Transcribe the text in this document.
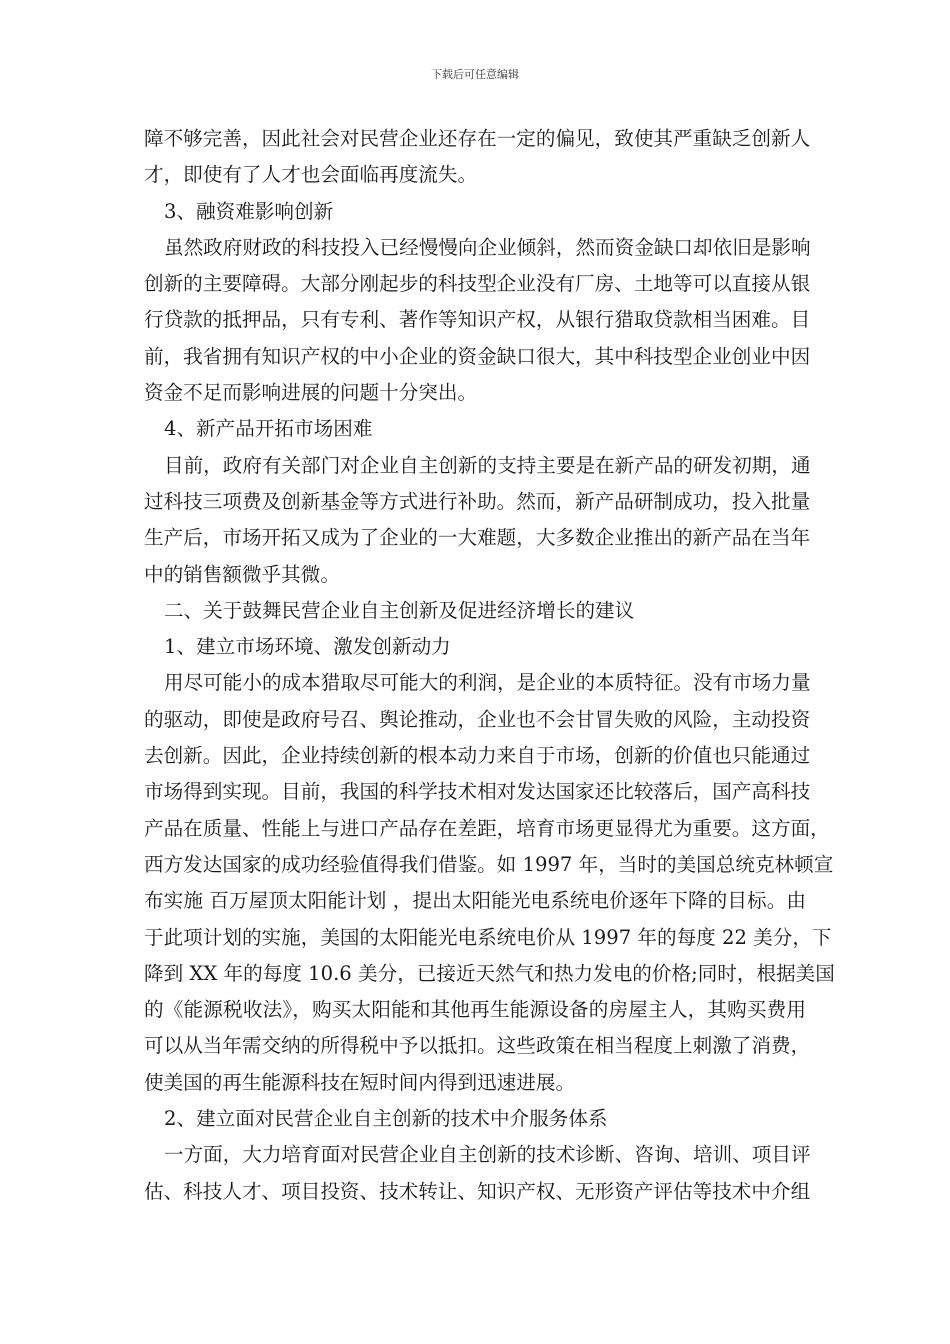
下载后可任意编辑
障不够完善，因此社会对民营企业还存在一定的偏见，致使其严重缺乏创新人
才，即使有了人才也会面临再度流失。
3、融资难影响创新
虽然政府财政的科技投入已经慢慢向企业倾斜，然而资金缺口却依旧是影响
创新的主要障碍。大部分刚起步的科技型企业没有厂房、土地等可以直接从银
行贷款的抵押品，只有专利、著作等知识产权，从银行猎取贷款相当困难。目
前，我省拥有知识产权的中小企业的资金缺口很大，其中科技型企业创业中因
资金不足而影响进展的问题十分突出。
4、新产品开拓市场困难
目前，政府有关部门对企业自主创新的支持主要是在新产品的研发初期，通
过科技三项费及创新基金等方式进行补助。然而，新产品研制成功，投入批量
生产后，市场开拓又成为了企业的一大难题，大多数企业推出的新产品在当年
中的销售额微乎其微。
二、关于鼓舞民营企业自主创新及促进经济增长的建议
1、建立市场环境、激发创新动力
用尽可能小的成本猎取尽可能大的利润，是企业的本质特征。没有市场力量
的驱动，即使是政府号召、舆论推动，企业也不会甘冒失败的风险，主动投资
去创新。因此，企业持续创新的根本动力来自于市场，创新的价值也只能通过
市场得到实现。目前，我国的科学技术相对发达国家还比较落后，国产高科技
产品在质量、性能上与进口产品存在差距，培育市场更显得尤为重要。这方面，
西方发达国家的成功经验值得我们借鉴。如 1997 年，当时的美国总统克林顿宣
布实施 百万屋顶太阳能计划 ，提出太阳能光电系统电价逐年下降的目标。由
于此项计划的实施，美国的太阳能光电系统电价从 1997 年的每度 22 美分，下
降到 XX 年的每度 10.6 美分，已接近天然气和热力发电的价格;同时，根据美国
的《能源税收法》，购买太阳能和其他再生能源设备的房屋主人，其购买费用
可以从当年需交纳的所得税中予以抵扣。这些政策在相当程度上刺激了消费，
使美国的再生能源科技在短时间内得到迅速进展。
2、建立面对民营企业自主创新的技术中介服务体系
一方面，大力培育面对民营企业自主创新的技术诊断、咨询、培训、项目评
估、科技人才、项目投资、技术转让、知识产权、无形资产评估等技术中介组
